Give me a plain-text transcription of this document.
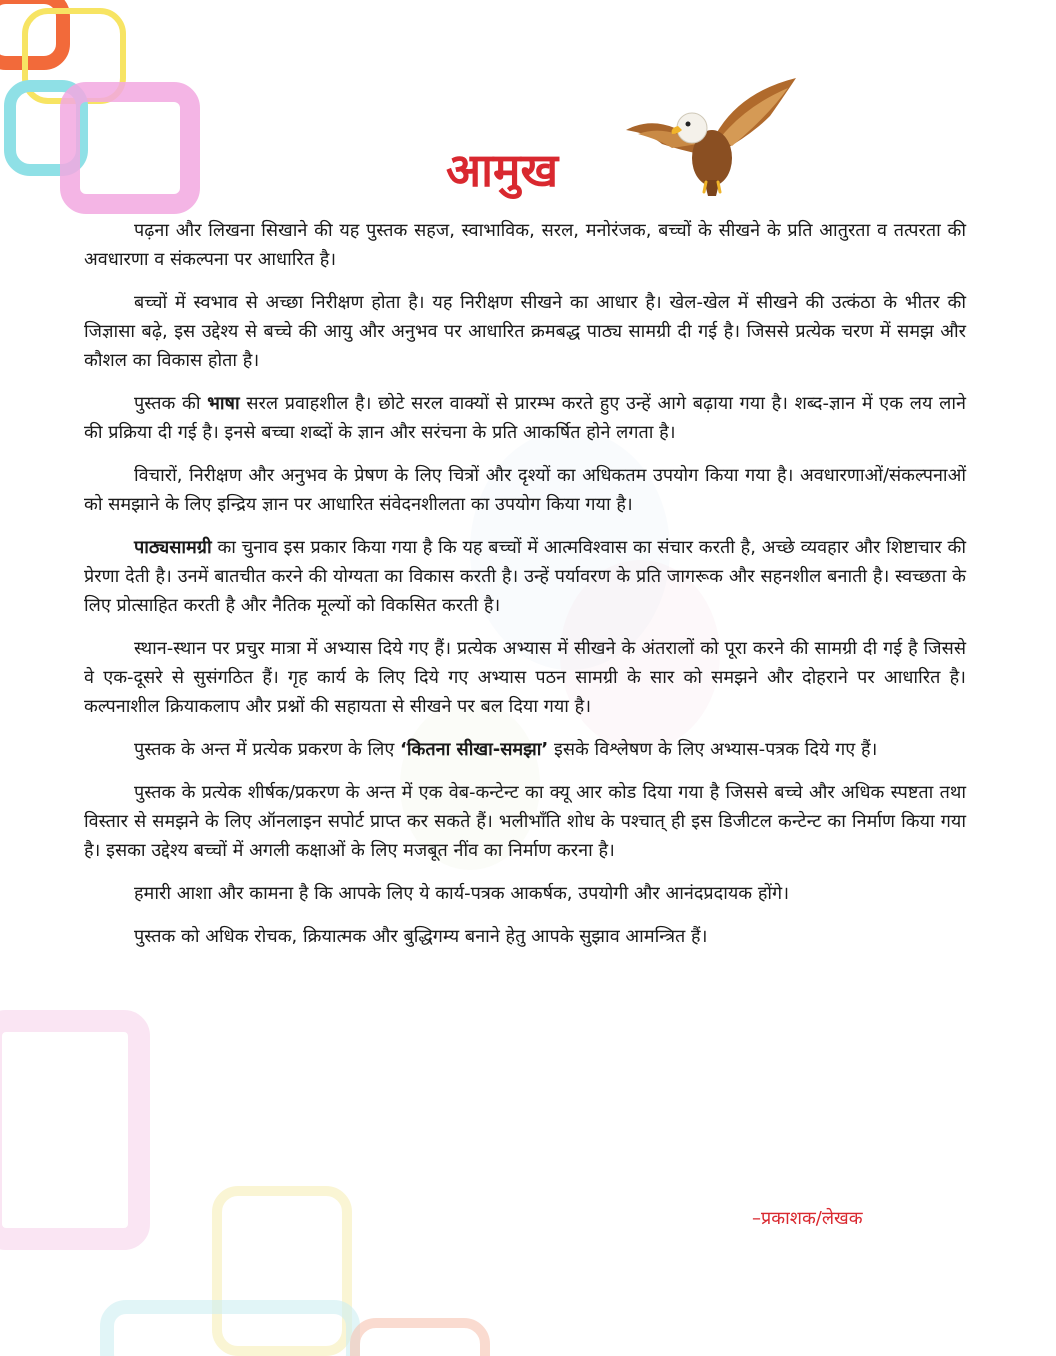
आमुख

पढ़ना और लिखना सिखाने की यह पुस्तक सहज, स्वाभाविक, सरल, मनोरंजक, बच्चों के सीखने के प्रति आतुरता व तत्परता की अवधारणा व संकल्पना पर आधारित है।

बच्चों में स्वभाव से अच्छा निरीक्षण होता है। यह निरीक्षण सीखने का आधार है। खेल-खेल में सीखने की उत्कंठा के भीतर की जिज्ञासा बढ़े, इस उद्देश्य से बच्चे की आयु और अनुभव पर आधारित क्रमबद्ध पाठ्य सामग्री दी गई है। जिससे प्रत्येक चरण में समझ और कौशल का विकास होता है।

पुस्तक की भाषा सरल प्रवाहशील है। छोटे सरल वाक्यों से प्रारम्भ करते हुए उन्हें आगे बढ़ाया गया है। शब्द-ज्ञान में एक लय लाने की प्रक्रिया दी गई है। इनसे बच्चा शब्दों के ज्ञान और सरंचना के प्रति आकर्षित होने लगता है।

विचारों, निरीक्षण और अनुभव के प्रेषण के लिए चित्रों और दृश्यों का अधिकतम उपयोग किया गया है। अवधारणाओं/संकल्पनाओं को समझाने के लिए इन्द्रिय ज्ञान पर आधारित संवेदनशीलता का उपयोग किया गया है।

पाठ्यसामग्री का चुनाव इस प्रकार किया गया है कि यह बच्चों में आत्मविश्वास का संचार करती है, अच्छे व्यवहार और शिष्टाचार की प्रेरणा देती है। उनमें बातचीत करने की योग्यता का विकास करती है। उन्हें पर्यावरण के प्रति जागरूक और सहनशील बनाती है। स्वच्छता के लिए प्रोत्साहित करती है और नैतिक मूल्यों को विकसित करती है।

स्थान-स्थान पर प्रचुर मात्रा में अभ्यास दिये गए हैं। प्रत्येक अभ्यास में सीखने के अंतरालों को पूरा करने की सामग्री दी गई है जिससे वे एक-दूसरे से सुसंगठित हैं। गृह कार्य के लिए दिये गए अभ्यास पठन सामग्री के सार को समझने और दोहराने पर आधारित है। कल्पनाशील क्रियाकलाप और प्रश्नों की सहायता से सीखने पर बल दिया गया है।

पुस्तक के अन्त में प्रत्येक प्रकरण के लिए ‘कितना सीखा-समझा’ इसके विश्लेषण के लिए अभ्यास-पत्रक दिये गए हैं।

पुस्तक के प्रत्येक शीर्षक/प्रकरण के अन्त में एक वेब-कन्टेन्ट का क्यू आर कोड दिया गया है जिससे बच्चे और अधिक स्पष्टता तथा विस्तार से समझने के लिए ऑनलाइन सपोर्ट प्राप्त कर सकते हैं। भलीभाँति शोध के पश्चात् ही इस डिजीटल कन्टेन्ट का निर्माण किया गया है। इसका उद्देश्य बच्चों में अगली कक्षाओं के लिए मजबूत नींव का निर्माण करना है।

हमारी आशा और कामना है कि आपके लिए ये कार्य-पत्रक आकर्षक, उपयोगी और आनंदप्रदायक होंगे।

पुस्तक को अधिक रोचक, क्रियात्मक और बुद्धिगम्य बनाने हेतु आपके सुझाव आमन्त्रित हैं।

–प्रकाशक/लेखक
